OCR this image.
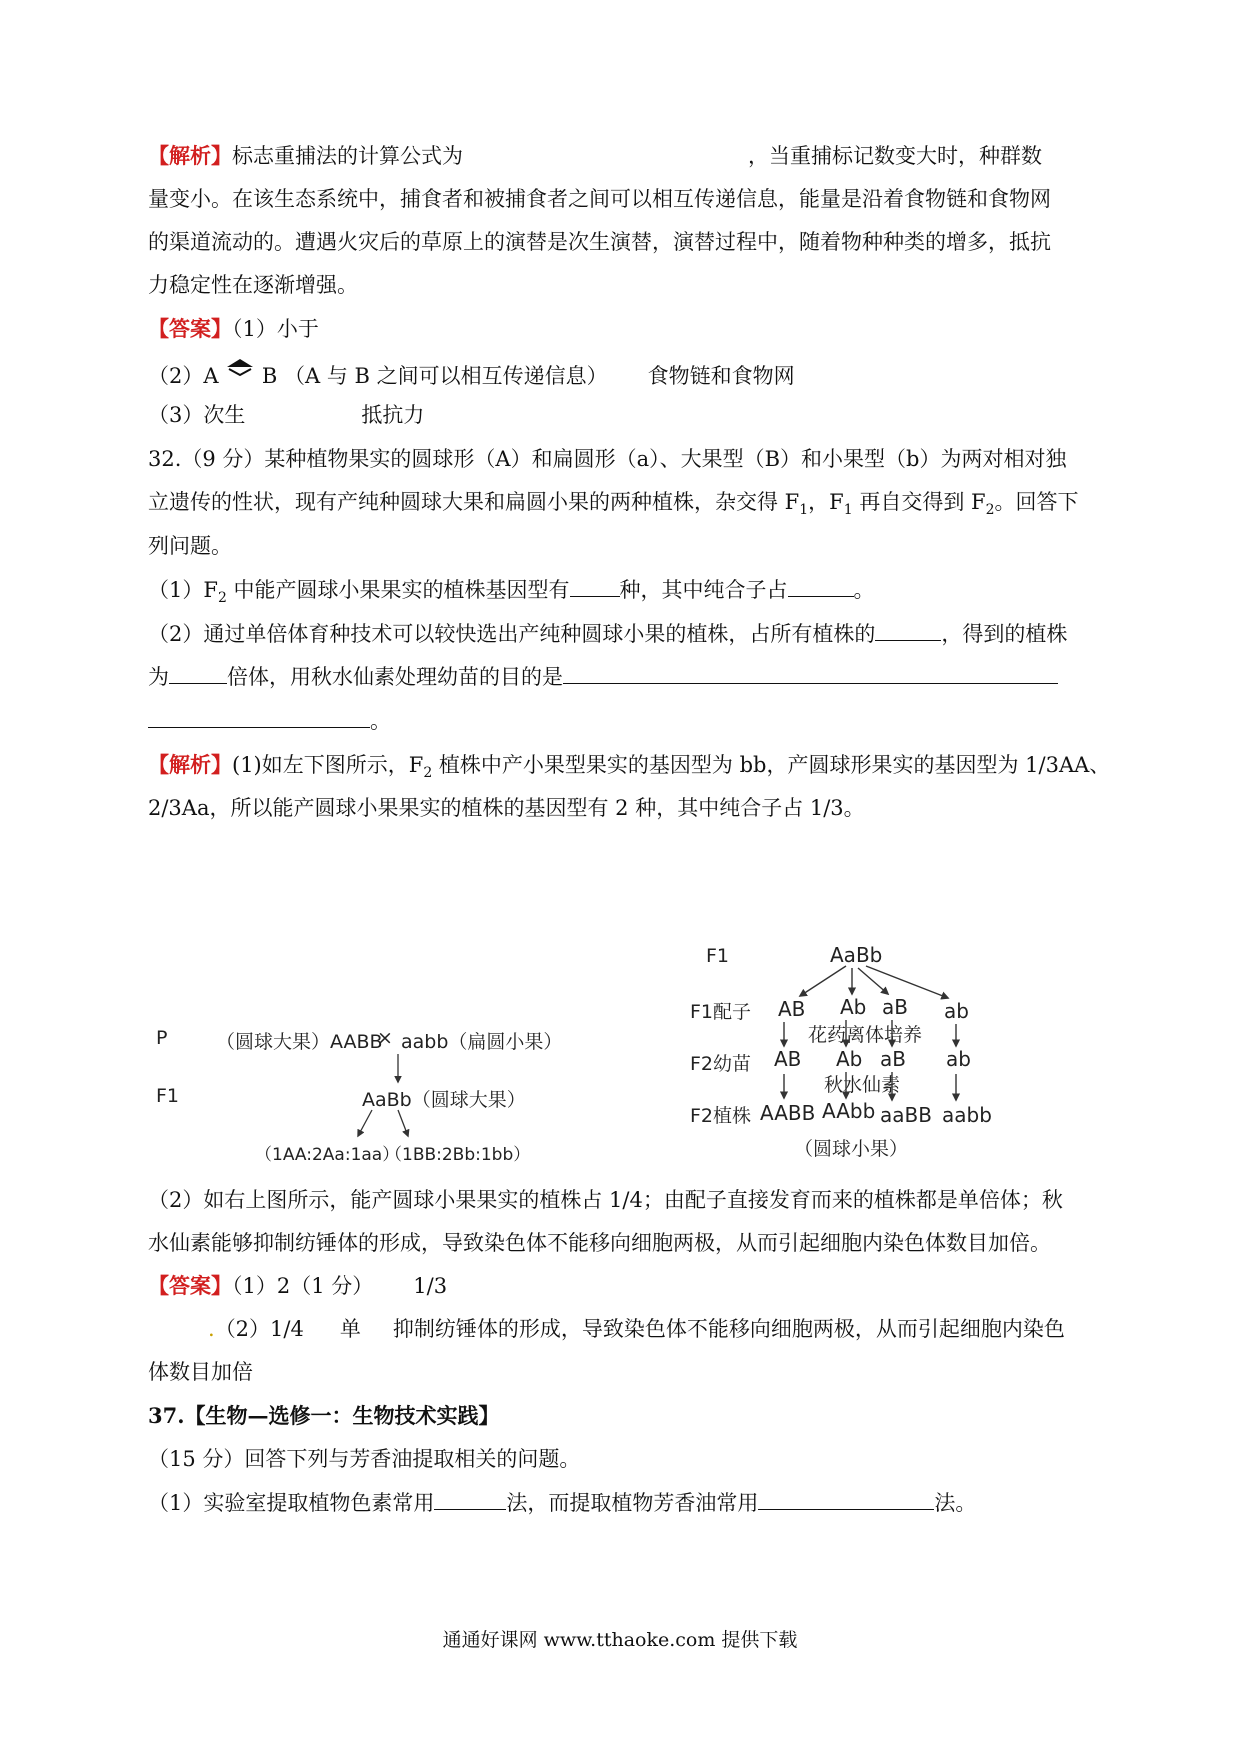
【解析】标志重捕法的计算公式为	，当重捕标记数变大时，种群数
量变小。在该生态系统中，捕食者和被捕食者之间可以相互传递信息，能量是沿着食物链和食物网
的渠道流动的。遭遇火灾后的草原上的演替是次生演替，演替过程中，随着物种种类的增多，抵抗
力稳定性在逐渐增强。
【答案】（1）小于
（2）A B （A 与 B 之间可以相互传递信息） 食物链和食物网
（3）次生	抵抗力
32.（9 分）某种植物果实的圆球形（A）和扁圆形（a）、大果型（B）和小果型（b）为两对相对独
立遗传的性状，现有产纯种圆球大果和扁圆小果的两种植株，杂交得 $F_1$，$F_1$ 再自交得到 $F_2$。回答下
列问题。
$(1)F_2$ 中能产圆球小果果实的植株基因型有 种，其中纯合子占	。
（2）通过单倍体育种技术可以较快选出产纯种圆球小果的植株，占所有植株的	，得到的植株
为	倍体，用秋水仙素处理幼苗的目的是
。
【解析】(1)如左下图所示，$F_2$ 植株中产小果型果实的基因型为 bb，产圆球形果实的基因型为 1/3AA、
2/3Aa，所以能产圆球小果果实的植株的基因型有 2 种，其中纯合子占 1/3。
P	（圆球大果）AABB
× aabb（扁圆小果）
F1	AaBb（圆球大果）
（1AA:2Aa:1aa）
（1BB:2Bb:1bb）
F1	AaBb
F1配子 AB Ab aB ab
花药离体培养
F2幼苗 AB Ab aB ab
秋水仙素
F2植株 AABB AAbb aaBB aabb
（圆球小果）
（2）如右上图所示，能产圆球小果果实的植株占 1/4；由配子直接发育而来的植株都是单倍体；秋
水仙素能够抑制纺锤体的形成，导致染色体不能移向细胞两极，从而引起细胞内染色体数目加倍。
【答案】（1）2（1 分） 1/3
.（2）1/4 单 抑制纺锤体的形成，导致染色体不能移向细胞两极，从而引起细胞内染色
体数目加倍
37.【生物—选修一：生物技术实践】
（15 分）回答下列与芳香油提取相关的问题。
（1）实验室提取植物色素常用	法，而提取植物芳香油常用	法。
通通好课网 www.tthaoke.com 提供下载
